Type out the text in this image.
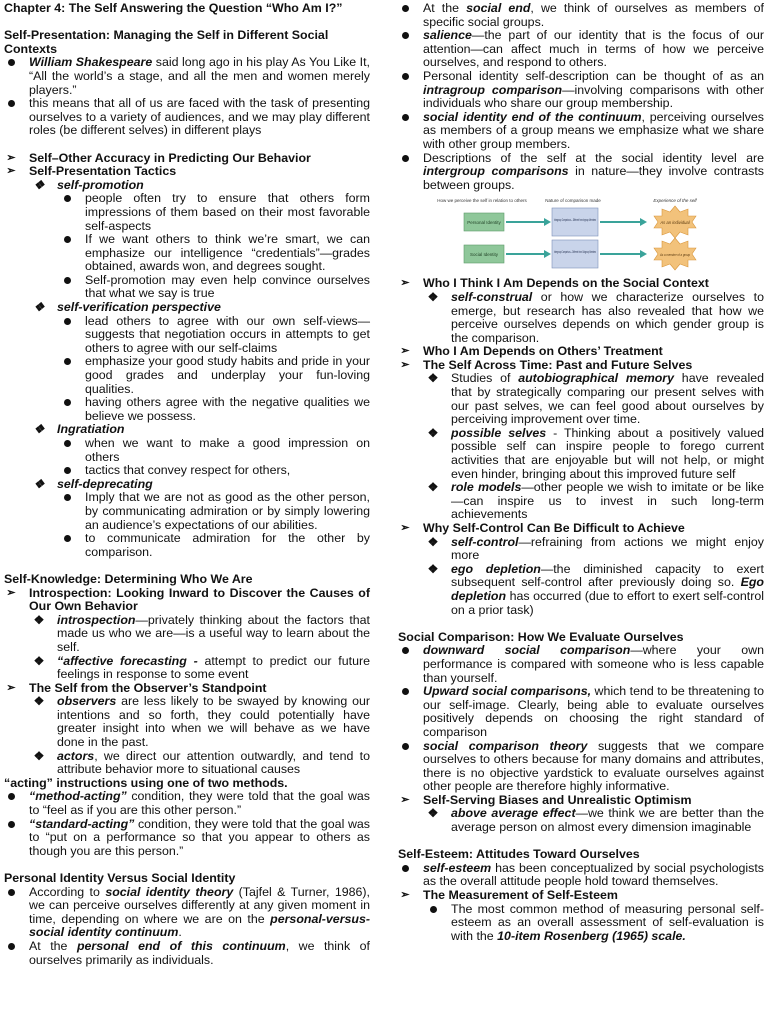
Chapter 4: The Self Answering the Question “Who Am I?”
Self-Presentation: Managing the Self in Different Social Contexts
William Shakespeare said long ago in his play As You Like It, “All the world’s a stage, and all the men and women merely players.”
this means that all of us are faced with the task of presenting ourselves to a variety of audiences, and we may play different roles (be different selves) in different plays
➢ Self–Other Accuracy in Predicting Our Behavior
➢ Self-Presentation Tactics
❖ self-promotion
people often try to ensure that others form impressions of them based on their most favorable self-aspects
If we want others to think we’re smart, we can emphasize our intelligence “credentials”—grades obtained, awards won, and degrees sought.
Self-promotion may even help convince ourselves that what we say is true
❖ self-verification perspective
lead others to agree with our own self-views—suggests that negotiation occurs in attempts to get others to agree with our self-claims
emphasize your good study habits and pride in your good grades and underplay your fun-loving qualities.
having others agree with the negative qualities we believe we possess.
❖ Ingratiation
when we want to make a good impression on others
tactics that convey respect for others,
❖ self-deprecating
Imply that we are not as good as the other person, by communicating admiration or by simply lowering an audience’s expectations of our abilities.
to communicate admiration for the other by comparison.
Self-Knowledge: Determining Who We Are
➢ Introspection: Looking Inward to Discover the Causes of Our Own Behavior
❖ introspection—privately thinking about the factors that made us who we are—is a useful way to learn about the self.
❖ “affective forecasting - attempt to predict our future feelings in response to some event
➢ The Self from the Observer’s Standpoint
❖ observers are less likely to be swayed by knowing our intentions and so forth, they could potentially have greater insight into when we will behave as we have done in the past.
❖ actors, we direct our attention outwardly, and tend to attribute behavior more to situational causes
“acting” instructions using one of two methods.
“method-acting” condition, they were told that the goal was to “feel as if you are this other person.”
“standard-acting” condition, they were told that the goal was to “put on a performance so that you appear to others as though you are this person.”
Personal Identity Versus Social Identity
According to social identity theory (Tajfel & Turner, 1986), we can perceive ourselves differently at any given moment in time, depending on where we are on the personal-versus-social identity continuum.
At the personal end of this continuum, we think of ourselves primarily as individuals.
At the social end, we think of ourselves as members of specific social groups.
salience—the part of our identity that is the focus of our attention—can affect much in terms of how we perceive ourselves, and respond to others.
Personal identity self-description can be thought of as an intragroup comparison—involving comparisons with other individuals who share our group membership.
social identity end of the continuum, perceiving ourselves as members of a group means we emphasize what we share with other group members.
Descriptions of the self at the social identity level are intergroup comparisons in nature—they involve contrasts between groups.
How we perceive the self in relation to others	Nature of comparison made	Experience of the self
Personal Identity
Intragroup Comparison— Different from Ingroup Members
As an individual
Social Identity
Intergroup Comparison— Different from Outgroup Members
As a member of a group
➢ Who I Think I Am Depends on the Social Context
❖ self-construal or how we characterize ourselves to emerge, but research has also revealed that how we perceive ourselves depends on which gender group is the comparison.
➢ Who I Am Depends on Others’ Treatment
➢ The Self Across Time: Past and Future Selves
❖ Studies of autobiographical memory have revealed that by strategically comparing our present selves with our past selves, we can feel good about ourselves by perceiving improvement over time.
❖ possible selves - Thinking about a positively valued possible self can inspire people to forego current activities that are enjoyable but will not help, or might even hinder, bringing about this improved future self
❖ role models—other people we wish to imitate or be like—can inspire us to invest in such long-term achievements
➢ Why Self-Control Can Be Difficult to Achieve
❖ self-control—refraining from actions we might enjoy more
❖ ego depletion—the diminished capacity to exert subsequent self-control after previously doing so. Ego depletion has occurred (due to effort to exert self-control on a prior task)
Social Comparison: How We Evaluate Ourselves
downward social comparison—where your own performance is compared with someone who is less capable than yourself.
Upward social comparisons, which tend to be threatening to our self-image. Clearly, being able to evaluate ourselves positively depends on choosing the right standard of comparison
social comparison theory suggests that we compare ourselves to others because for many domains and attributes, there is no objective yardstick to evaluate ourselves against other people are therefore highly informative.
➢ Self-Serving Biases and Unrealistic Optimism
❖ above average effect—we think we are better than the average person on almost every dimension imaginable
Self-Esteem: Attitudes Toward Ourselves
self-esteem has been conceptualized by social psychologists as the overall attitude people hold toward themselves.
➢ The Measurement of Self-Esteem
The most common method of measuring personal self-esteem as an overall assessment of self-evaluation is with the 10-item Rosenberg (1965) scale.
